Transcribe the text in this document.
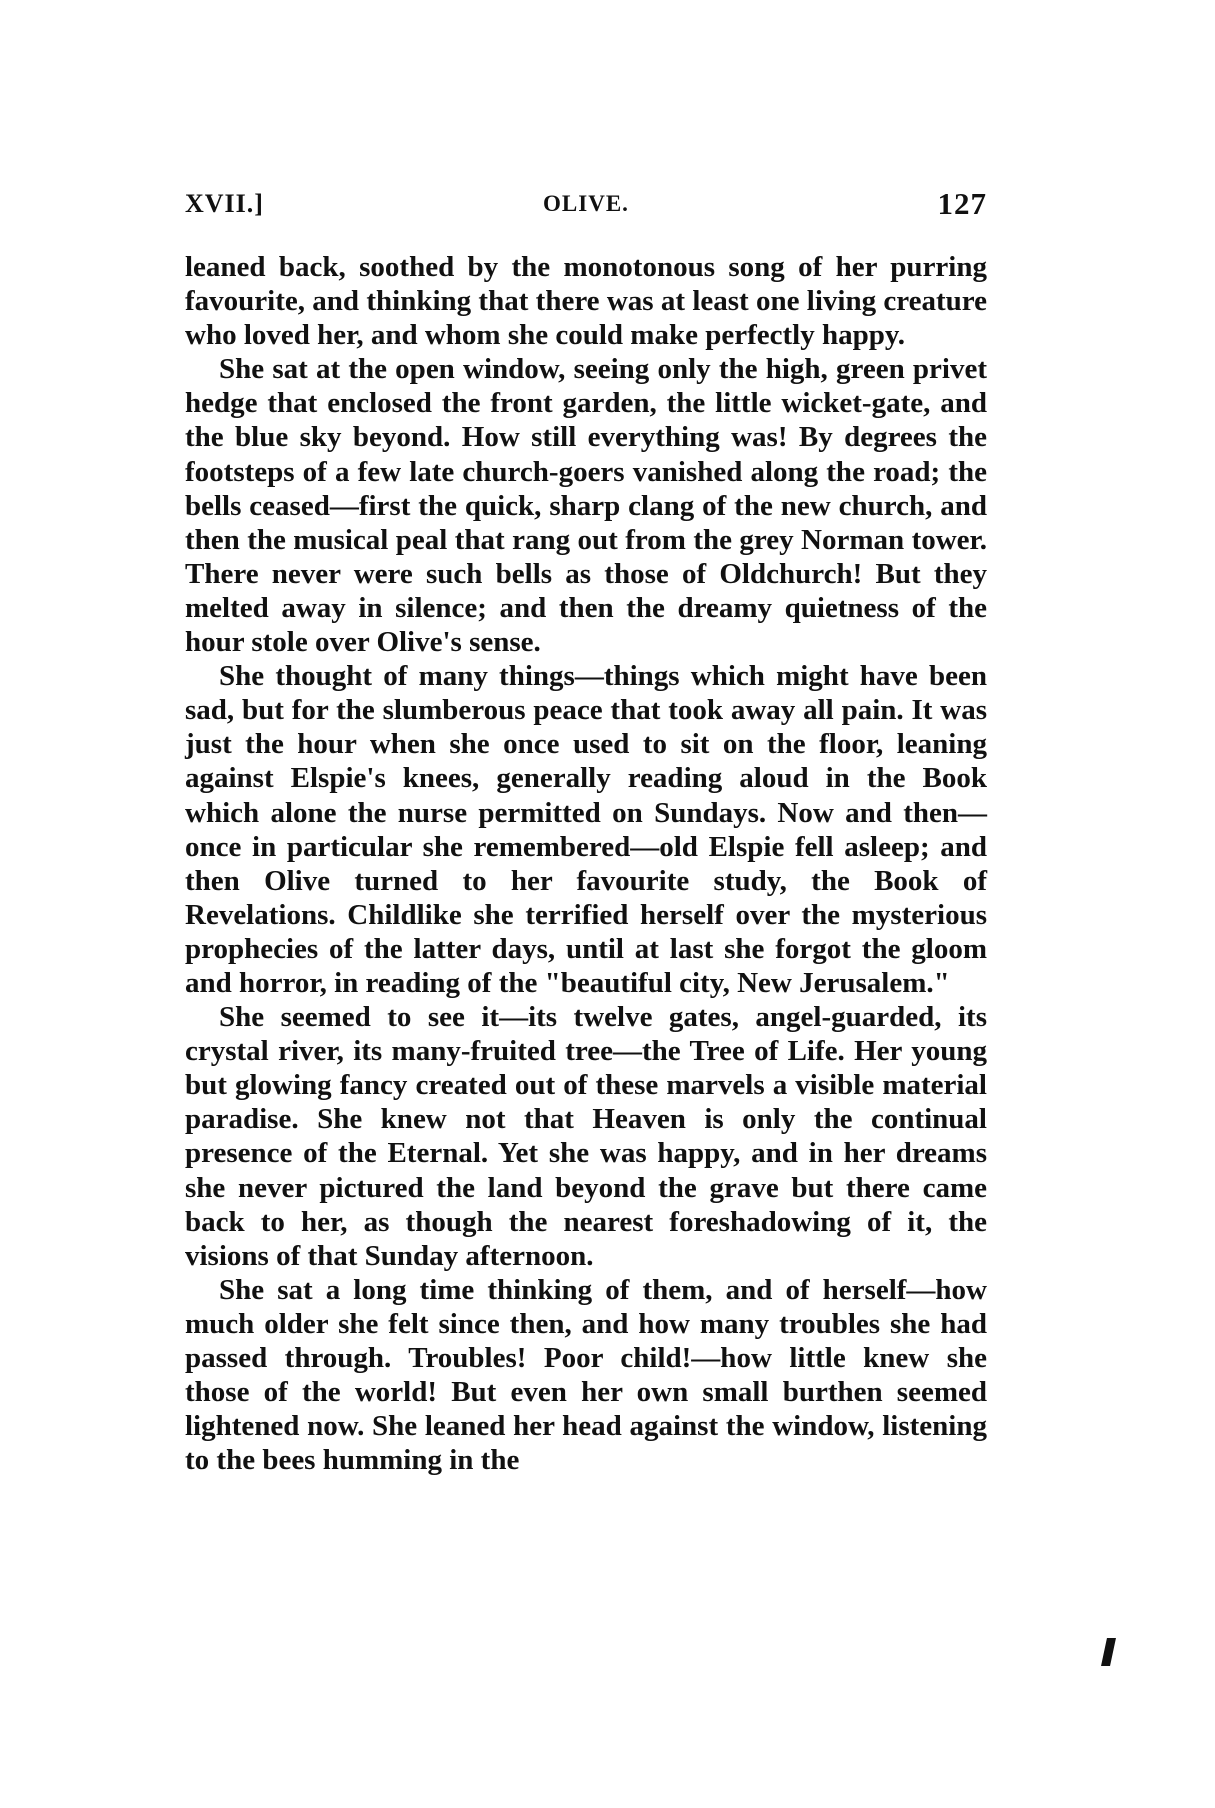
XVII.]	OLIVE.	127

leaned back, soothed by the monotonous song of her purring favourite, and thinking that there was at least one living creature who loved her, and whom she could make perfectly happy.

She sat at the open window, seeing only the high, green privet hedge that enclosed the front garden, the little wicket-gate, and the blue sky beyond. How still everything was! By degrees the footsteps of a few late church-goers vanished along the road; the bells ceased—first the quick, sharp clang of the new church, and then the musical peal that rang out from the grey Norman tower. There never were such bells as those of Oldchurch! But they melted away in silence; and then the dreamy quietness of the hour stole over Olive's sense.

She thought of many things—things which might have been sad, but for the slumberous peace that took away all pain. It was just the hour when she once used to sit on the floor, leaning against Elspie's knees, generally reading aloud in the Book which alone the nurse permitted on Sundays. Now and then—once in particular she remembered—old Elspie fell asleep; and then Olive turned to her favourite study, the Book of Revelations. Childlike she terrified herself over the mysterious prophecies of the latter days, until at last she forgot the gloom and horror, in reading of the "beautiful city, New Jerusalem."

She seemed to see it—its twelve gates, angel-guarded, its crystal river, its many-fruited tree—the Tree of Life. Her young but glowing fancy created out of these marvels a visible material paradise. She knew not that Heaven is only the continual presence of the Eternal. Yet she was happy, and in her dreams she never pictured the land beyond the grave but there came back to her, as though the nearest foreshadowing of it, the visions of that Sunday afternoon.

She sat a long time thinking of them, and of herself—how much older she felt since then, and how many troubles she had passed through. Troubles! Poor child!—how little knew she those of the world! But even her own small burthen seemed lightened now. She leaned her head against the window, listening to the bees humming in the
